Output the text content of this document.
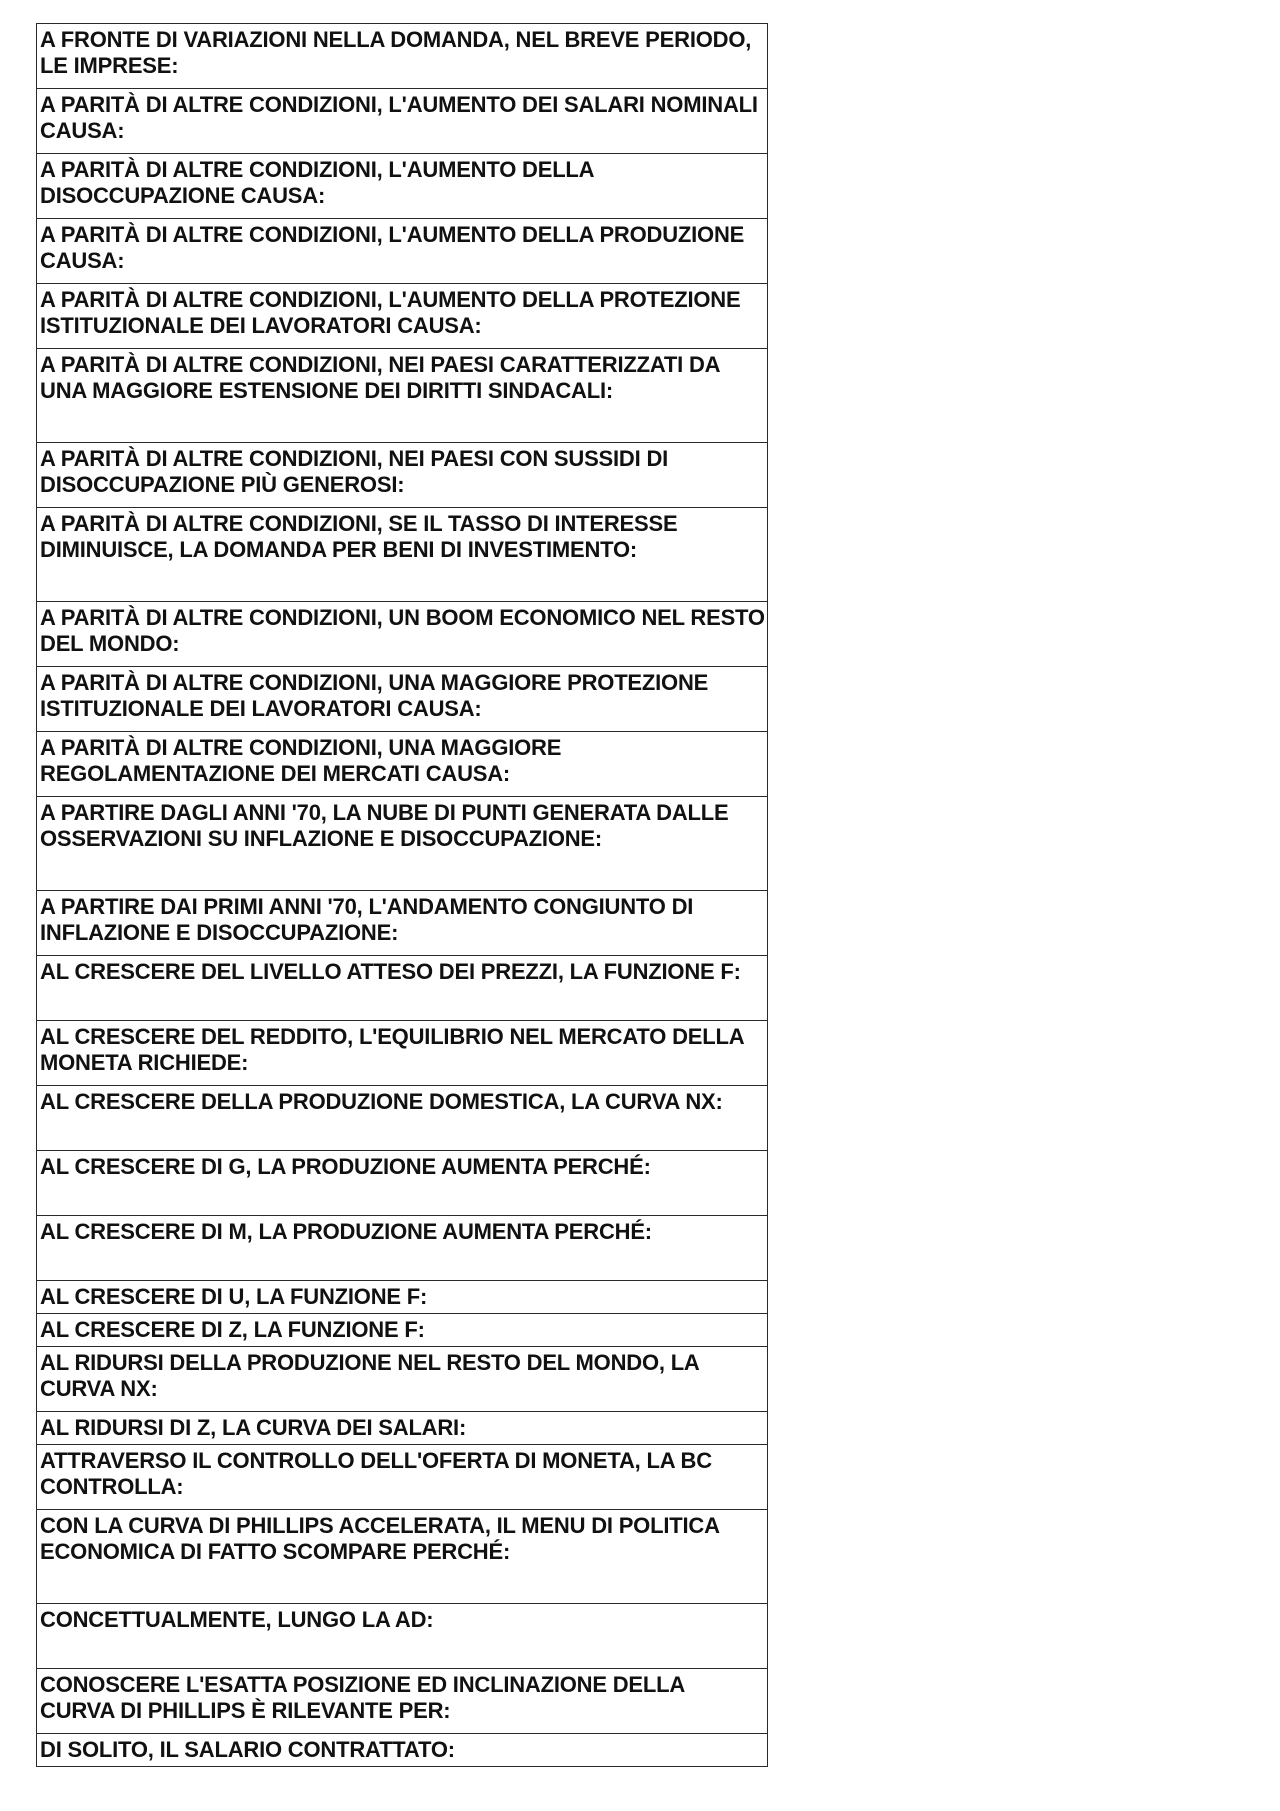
A FRONTE DI VARIAZIONI NELLA DOMANDA, NEL BREVE PERIODO, LE IMPRESE:
A PARITÀ DI ALTRE CONDIZIONI, L'AUMENTO DEI SALARI NOMINALI CAUSA:
A PARITÀ DI ALTRE CONDIZIONI, L'AUMENTO DELLA DISOCCUPAZIONE CAUSA:
A PARITÀ DI ALTRE CONDIZIONI, L'AUMENTO DELLA PRODUZIONE CAUSA:
A PARITÀ DI ALTRE CONDIZIONI, L'AUMENTO DELLA PROTEZIONE ISTITUZIONALE DEI LAVORATORI CAUSA:
A PARITÀ DI ALTRE CONDIZIONI, NEI PAESI CARATTERIZZATI DA UNA MAGGIORE ESTENSIONE DEI DIRITTI SINDACALI:
A PARITÀ DI ALTRE CONDIZIONI, NEI PAESI CON SUSSIDI DI DISOCCUPAZIONE PIÙ GENEROSI:
A PARITÀ DI ALTRE CONDIZIONI, SE IL TASSO DI INTERESSE DIMINUISCE, LA DOMANDA PER BENI DI INVESTIMENTO:
A PARITÀ DI ALTRE CONDIZIONI, UN BOOM ECONOMICO NEL RESTO DEL MONDO:
A PARITÀ DI ALTRE CONDIZIONI, UNA MAGGIORE PROTEZIONE ISTITUZIONALE DEI LAVORATORI CAUSA:
A PARITÀ DI ALTRE CONDIZIONI, UNA MAGGIORE REGOLAMENTAZIONE DEI MERCATI CAUSA:
A PARTIRE DAGLI ANNI '70, LA NUBE DI PUNTI GENERATA DALLE OSSERVAZIONI SU INFLAZIONE E DISOCCUPAZIONE:
A PARTIRE DAI PRIMI ANNI '70, L'ANDAMENTO CONGIUNTO DI INFLAZIONE E DISOCCUPAZIONE:
AL CRESCERE DEL LIVELLO ATTESO DEI PREZZI, LA FUNZIONE F:
AL CRESCERE DEL REDDITO, L'EQUILIBRIO NEL MERCATO DELLA MONETA RICHIEDE:
AL CRESCERE DELLA PRODUZIONE DOMESTICA, LA CURVA NX:
AL CRESCERE DI G, LA PRODUZIONE AUMENTA PERCHÉ:
AL CRESCERE DI M, LA PRODUZIONE AUMENTA PERCHÉ:
AL CRESCERE DI U, LA FUNZIONE F:
AL CRESCERE DI Z, LA FUNZIONE F:
AL RIDURSI DELLA PRODUZIONE NEL RESTO DEL MONDO, LA CURVA NX:
AL RIDURSI DI Z, LA CURVA DEI SALARI:
ATTRAVERSO IL CONTROLLO DELL'OFERTA DI MONETA, LA BC CONTROLLA:
CON LA CURVA DI PHILLIPS ACCELERATA, IL MENU DI POLITICA ECONOMICA DI FATTO SCOMPARE PERCHÉ:
CONCETTUALMENTE, LUNGO LA AD:
CONOSCERE L'ESATTA POSIZIONE ED INCLINAZIONE DELLA CURVA DI PHILLIPS È RILEVANTE PER:
DI SOLITO, IL SALARIO CONTRATTATO:
